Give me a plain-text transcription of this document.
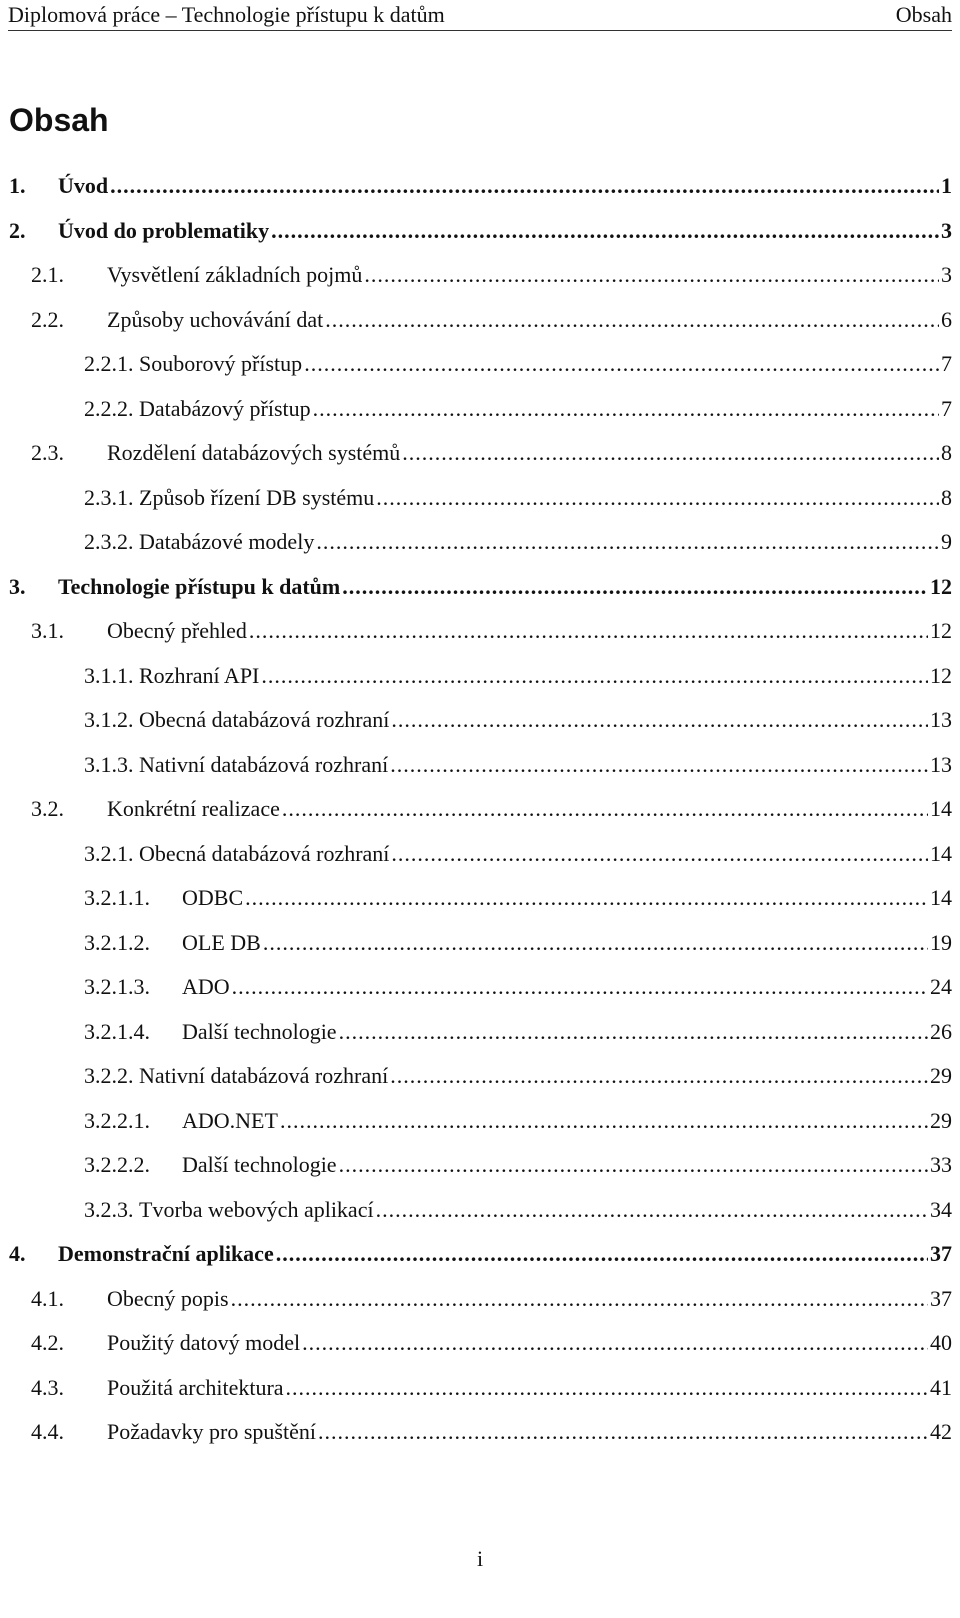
Diplomová práce – Technologie přístupu k datům	Obsah
Obsah
1. Úvod .....	1
2. Úvod do problematiky .....	3
2.1. Vysvětlení základních pojmů .....	3
2.2. Způsoby uchovávání dat .....	6
2.2.1. Souborový přístup .....	7
2.2.2. Databázový přístup .....	7
2.3. Rozdělení databázových systémů .....	8
2.3.1. Způsob řízení DB systému .....	8
2.3.2. Databázové modely .....	9
3. Technologie přístupu k datům .....	12
3.1. Obecný přehled .....	12
3.1.1. Rozhraní API .....	12
3.1.2. Obecná databázová rozhraní .....	13
3.1.3. Nativní databázová rozhraní .....	13
3.2. Konkrétní realizace .....	14
3.2.1. Obecná databázová rozhraní .....	14
3.2.1.1. ODBC .....	14
3.2.1.2. OLE DB .....	19
3.2.1.3. ADO .....	24
3.2.1.4. Další technologie .....	26
3.2.2. Nativní databázová rozhraní .....	29
3.2.2.1. ADO.NET .....	29
3.2.2.2. Další technologie .....	33
3.2.3. Tvorba webových aplikací .....	34
4. Demonstrační aplikace .....	37
4.1. Obecný popis .....	37
4.2. Použitý datový model .....	40
4.3. Použitá architektura .....	41
4.4. Požadavky pro spuštění .....	42
i
